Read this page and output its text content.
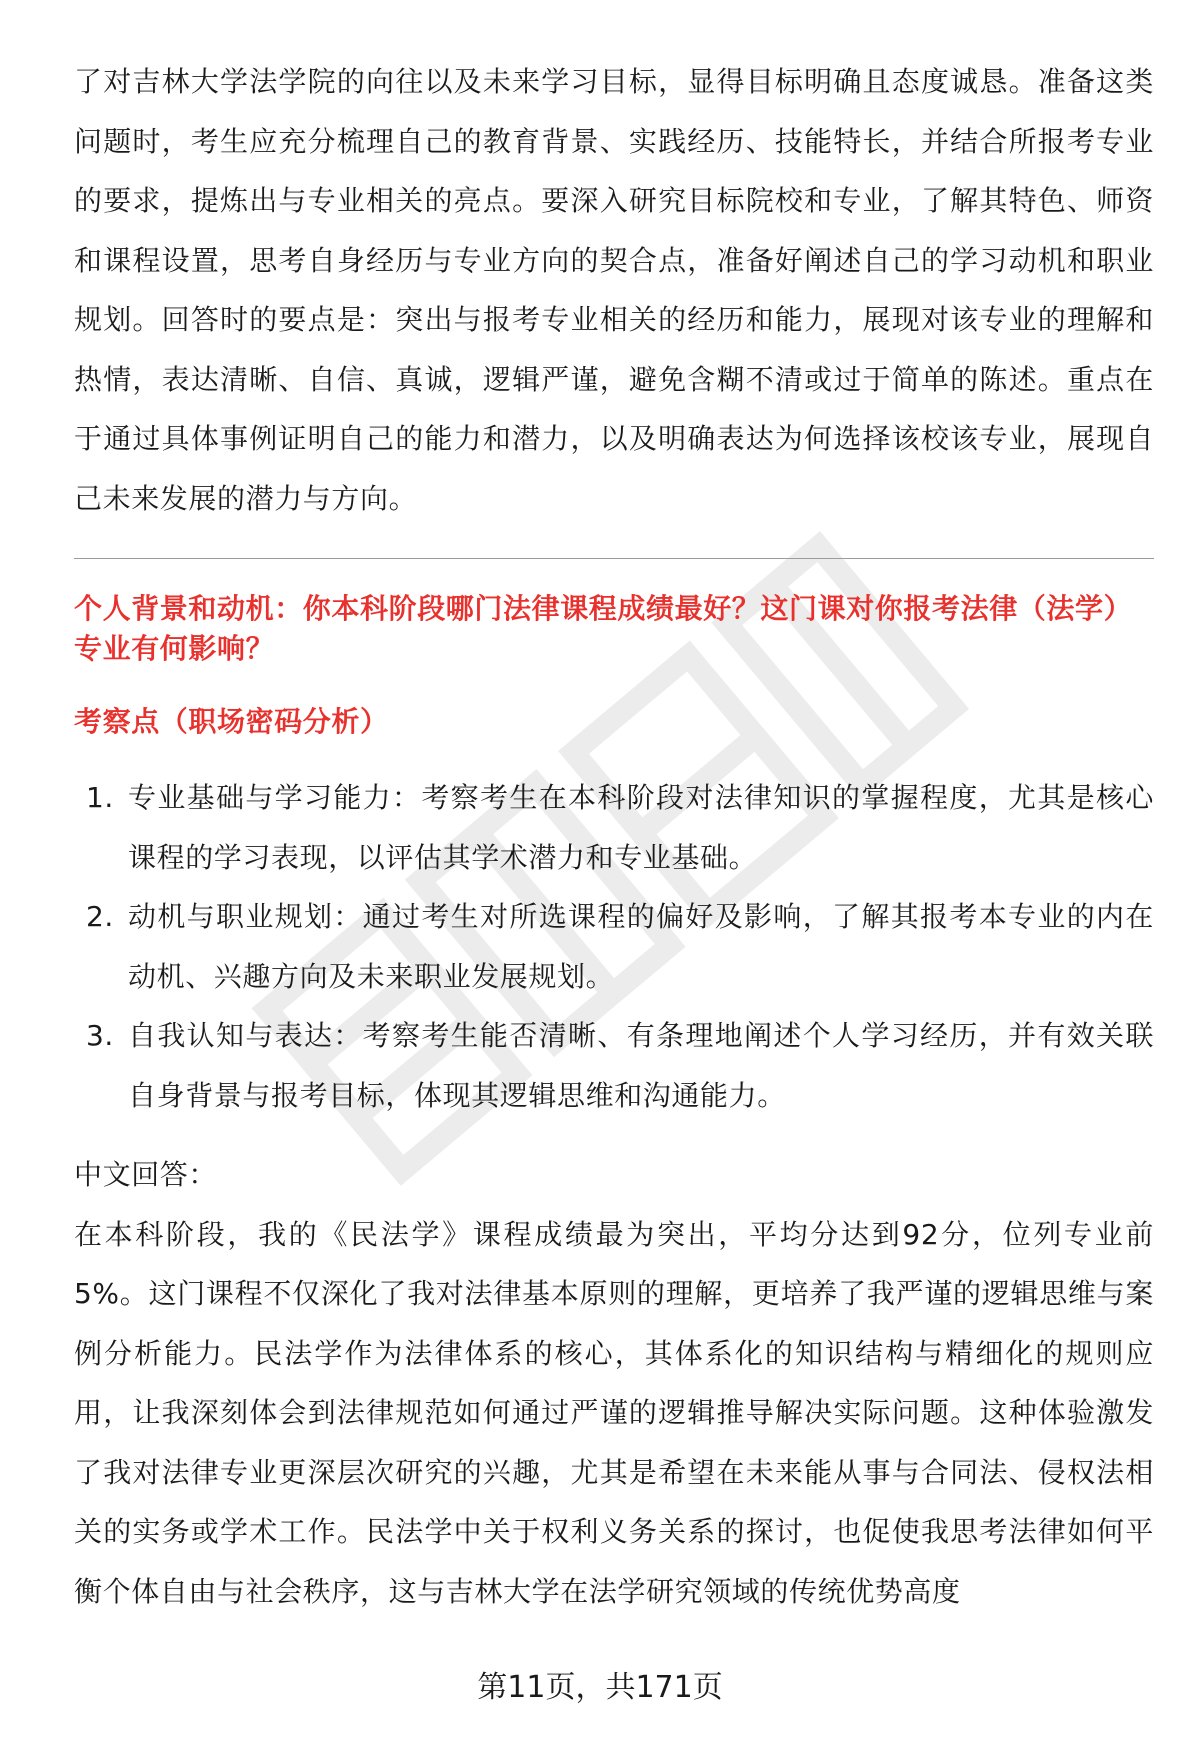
了对吉林大学法学院的向往以及未来学习目标，显得目标明确且态度诚恳。准备这类问题时，考生应充分梳理自己的教育背景、实践经历、技能特长，并结合所报考专业的要求，提炼出与专业相关的亮点。要深入研究目标院校和专业，了解其特色、师资和课程设置，思考自身经历与专业方向的契合点，准备好阐述自己的学习动机和职业规划。回答时的要点是：突出与报考专业相关的经历和能力，展现对该专业的理解和热情，表达清晰、自信、真诚，逻辑严谨，避免含糊不清或过于简单的陈述。重点在于通过具体事例证明自己的能力和潜力，以及明确表达为何选择该校该专业，展现自己未来发展的潜力与方向。

个人背景和动机：你本科阶段哪门法律课程成绩最好？这门课对你报考法律（法学）专业有何影响？
考察点（职场密码分析）
1. 专业基础与学习能力：考察考生在本科阶段对法律知识的掌握程度，尤其是核心课程的学习表现，以评估其学术潜力和专业基础。
2. 动机与职业规划：通过考生对所选课程的偏好及影响，了解其报考本专业的内在动机、兴趣方向及未来职业发展规划。
3. 自我认知与表达：考察考生能否清晰、有条理地阐述个人学习经历，并有效关联自身背景与报考目标，体现其逻辑思维和沟通能力。
中文回答：

在本科阶段，我的《民法学》课程成绩最为突出，平均分达到92分，位列专业前5%。这门课程不仅深化了我对法律基本原则的理解，更培养了我严谨的逻辑思维与案例分析能力。民法学作为法律体系的核心，其体系化的知识结构与精细化的规则应用，让我深刻体会到法律规范如何通过严谨的逻辑推导解决实际问题。这种体验激发了我对法律专业更深层次研究的兴趣，尤其是希望在未来能从事与合同法、侵权法相关的实务或学术工作。民法学中关于权利义务关系的探讨，也促使我思考法律如何平衡个体自由与社会秩序，这与吉林大学在法学研究领域的传统优势高度

第11页，共171页
